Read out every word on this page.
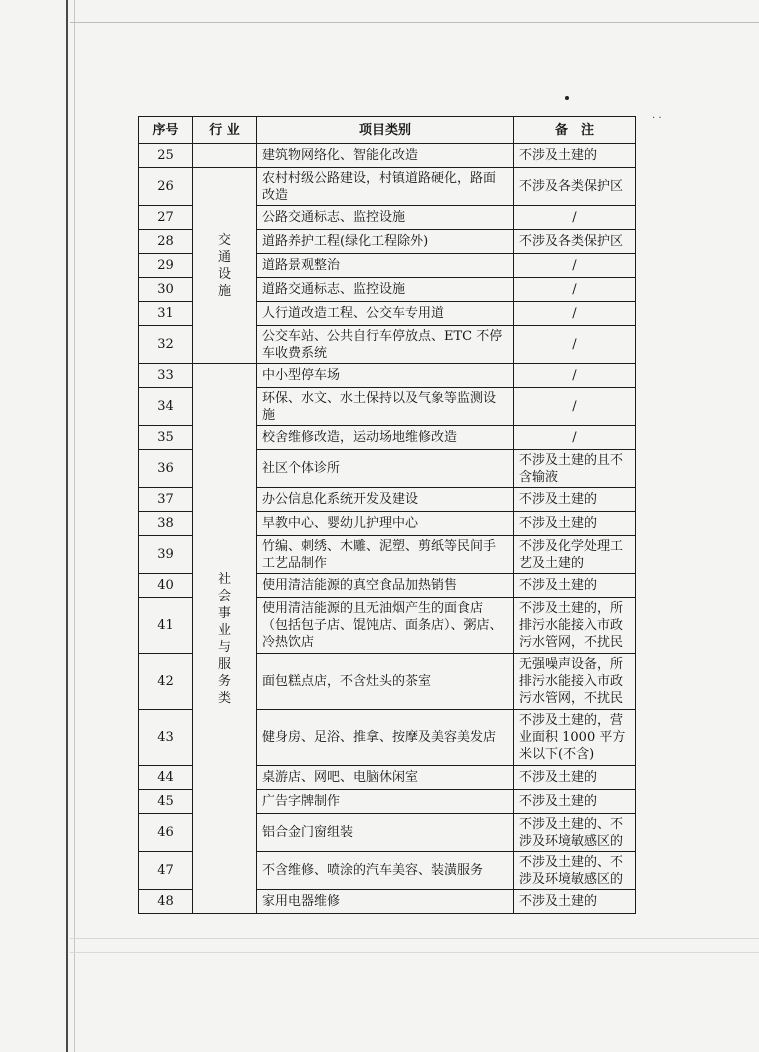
· ·
序号	行 业	项目类别	备　注
25		建筑物网络化、智能化改造	不涉及土建的
26	交通设施	农村村级公路建设，村镇道路硬化，路面改造	不涉及各类保护区
27		公路交通标志、监控设施	/
28		道路养护工程(绿化工程除外)	不涉及各类保护区
29		道路景观整治	/
30		道路交通标志、监控设施	/
31		人行道改造工程、公交车专用道	/
32		公交车站、公共自行车停放点、ETC 不停车收费系统	/
33	社会事业与服务类	中小型停车场	/
34		环保、水文、水土保持以及气象等监测设施	/
35		校舍维修改造，运动场地维修改造	/
36		社区个体诊所	不涉及土建的且不含输液
37		办公信息化系统开发及建设	不涉及土建的
38		早教中心、婴幼儿护理中心	不涉及土建的
39		竹编、刺绣、木雕、泥塑、剪纸等民间手工艺品制作	不涉及化学处理工艺及土建的
40		使用清洁能源的真空食品加热销售	不涉及土建的
41		使用清洁能源的且无油烟产生的面食店（包括包子店、馄饨店、面条店）、粥店、冷热饮店	不涉及土建的，所排污水能接入市政污水管网，不扰民
42		面包糕点店，不含灶头的茶室	无强噪声设备，所排污水能接入市政污水管网，不扰民
43		健身房、足浴、推拿、按摩及美容美发店	不涉及土建的，营业面积 1000 平方米以下(不含)
44		桌游店、网吧、电脑休闲室	不涉及土建的
45		广告字牌制作	不涉及土建的
46		铝合金门窗组装	不涉及土建的、不涉及环境敏感区的
47		不含维修、喷涂的汽车美容、装潢服务	不涉及土建的、不涉及环境敏感区的
48		家用电器维修	不涉及土建的
